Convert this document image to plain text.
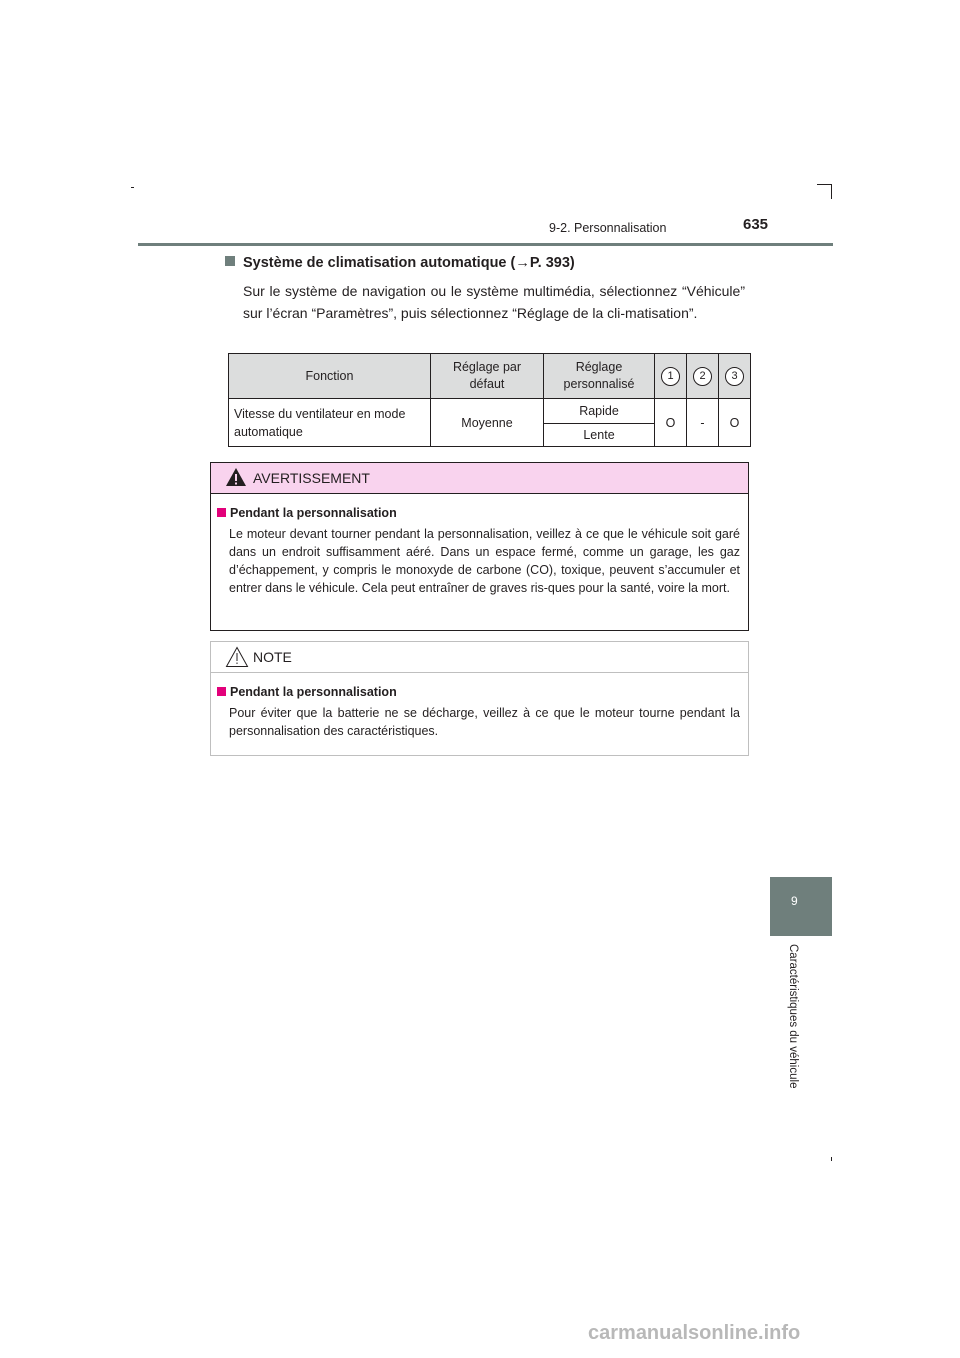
9-2. Personnalisation	635
9
Caractéristiques du véhicule
Système de climatisation automatique (→P. 393)
Sur le système de navigation ou le système multimédia, sélectionnez “Véhicule” sur l’écran “Paramètres”, puis sélectionnez “Réglage de la cli-matisation”.
Fonction	Réglage par défaut	Réglage personnalisé	1	2	3
Vitesse du ventilateur en mode automatique	Moyenne	Rapide	O	-	O
		Lente			
AVERTISSEMENT
Pendant la personnalisation
Le moteur devant tourner pendant la personnalisation, veillez à ce que le véhicule soit garé dans un endroit suffisamment aéré. Dans un espace fermé, comme un garage, les gaz d’échappement, y compris le monoxyde de carbone (CO), toxique, peuvent s’accumuler et entrer dans le véhicule. Cela peut entraîner de graves ris-ques pour la santé, voire la mort.
NOTE
Pendant la personnalisation
Pour éviter que la batterie ne se décharge, veillez à ce que le moteur tourne pendant la personnalisation des caractéristiques.
carmanualsonline.info
